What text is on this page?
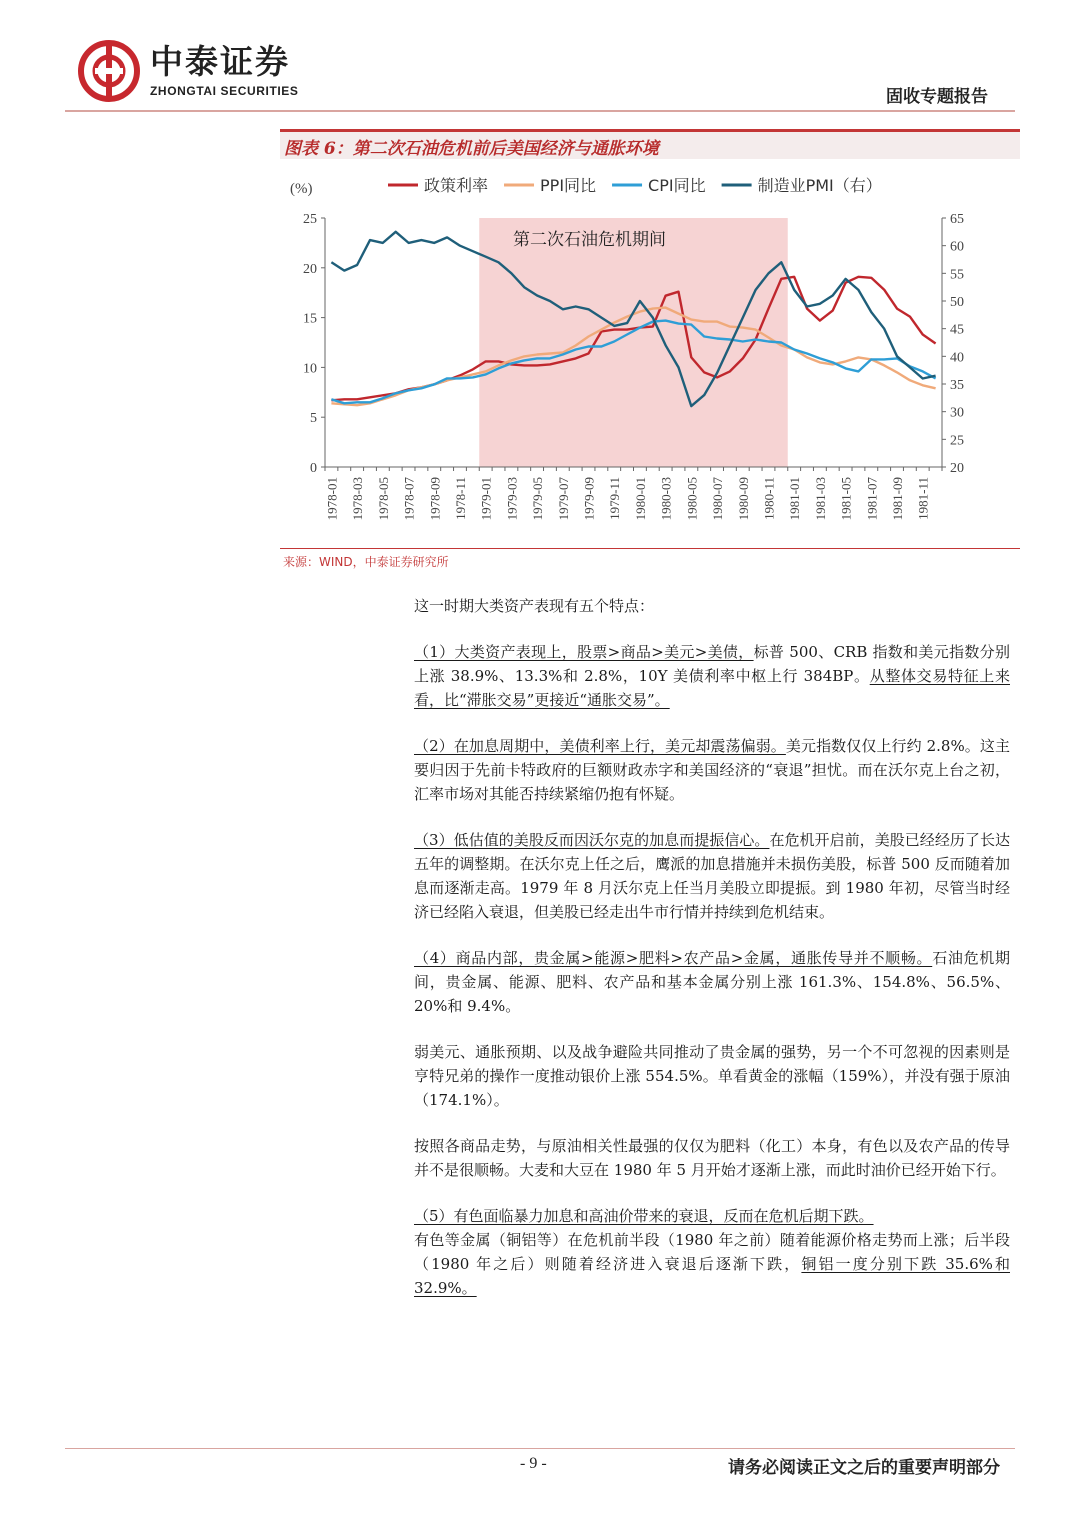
中泰证券
ZHONGTAI SECURITIES	固收专题报告
图表 6：第二次石油危机前后美国经济与通胀环境
第二次石油危机期间
0
5
10
15
20
25
(%)
20
25
30
35
40
45
50
55
60
65
1978-01 1978-03 1978-05 1978-07 1978-09 1978-11 1979-01 1979-03 1979-05 1979-07 1979-09 1979-11 1980-01 1980-03 1980-05 1980-07 1980-09 1980-11 1981-01 1981-03 1981-05 1981-07 1981-09 1981-11
政策利率	PPI同比	CPI同比	制造业PMI（右）
来源：WIND，中泰证券研究所

这一时期大类资产表现有五个特点：

（1）大类资产表现上，股票>商品>美元>美债，标普 500、CRB 指数和美元指数分别上涨 38.9%、13.3%和 2.8%，10Y 美债利率中枢上行 384BP。从整体交易特征上来看，比“滞胀交易”更接近“通胀交易”。

（2）在加息周期中，美债利率上行，美元却震荡偏弱。美元指数仅仅上行约 2.8%。这主要归因于先前卡特政府的巨额财政赤字和美国经济的“衰退”担忧。而在沃尔克上台之初，汇率市场对其能否持续紧缩仍抱有怀疑。

（3）低估值的美股反而因沃尔克的加息而提振信心。在危机开启前，美股已经经历了长达五年的调整期。在沃尔克上任之后，鹰派的加息措施并未损伤美股，标普 500 反而随着加息而逐渐走高。1979 年 8 月沃尔克上任当月美股立即提振。到 1980 年初，尽管当时经济已经陷入衰退，但美股已经走出牛市行情并持续到危机结束。

（4）商品内部，贵金属>能源>肥料>农产品>金属，通胀传导并不顺畅。石油危机期间，贵金属、能源、肥料、农产品和基本金属分别上涨 161.3%、154.8%、56.5%、20%和 9.4%。

弱美元、通胀预期、以及战争避险共同推动了贵金属的强势，另一个不可忽视的因素则是亨特兄弟的操作一度推动银价上涨 554.5%。单看黄金的涨幅（159%），并没有强于原油（174.1%）。

按照各商品走势，与原油相关性最强的仅仅为肥料（化工）本身，有色以及农产品的传导并不是很顺畅。大麦和大豆在 1980 年 5 月开始才逐渐上涨，而此时油价已经开始下行。

（5）有色面临暴力加息和高油价带来的衰退，反而在危机后期下跌。

有色等金属（铜铝等）在危机前半段（1980 年之前）随着能源价格走势而上涨；后半段（1980 年之后）则随着经济进入衰退后逐渐下跌，铜铝一度分别下跌 35.6%和 32.9%。

- 9 -	请务必阅读正文之后的重要声明部分
